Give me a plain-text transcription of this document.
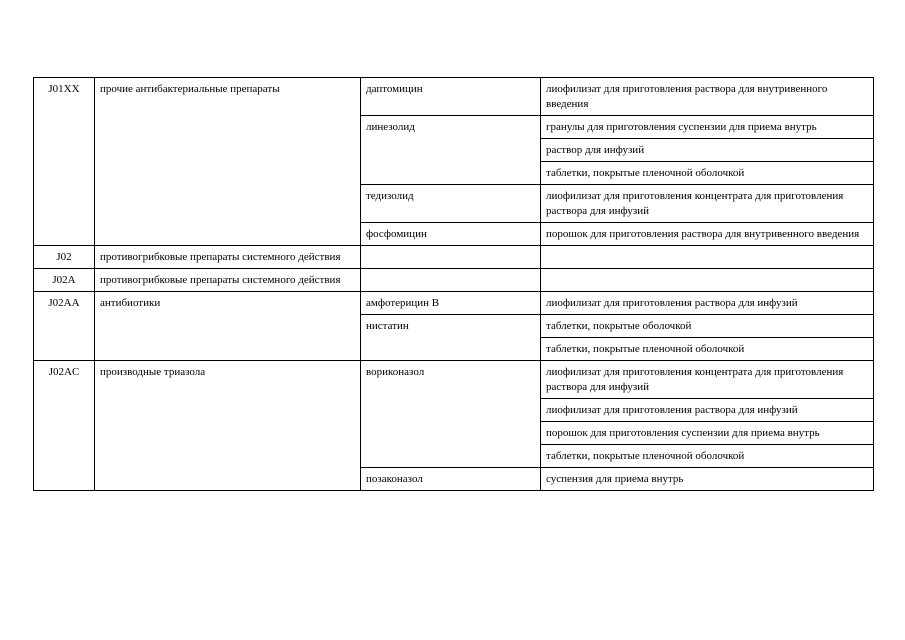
J01XX	прочие антибактериальные препараты	даптомицин	лиофилизат для приготовления раствора для внутривенного введения
		линезолид	гранулы для приготовления суспензии для приема внутрь
			раствор для инфузий
			таблетки, покрытые пленочной оболочкой
		тедизолид	лиофилизат для приготовления концентрата для приготовления раствора для инфузий
		фосфомицин	порошок для приготовления раствора для внутривенного введения
J02	противогрибковые препараты системного действия		
J02A	противогрибковые препараты системного действия		
J02AA	антибиотики	амфотерицин B	лиофилизат для приготовления раствора для инфузий
		нистатин	таблетки, покрытые оболочкой
			таблетки, покрытые пленочной оболочкой
J02AC	производные триазола	вориконазол	лиофилизат для приготовления концентрата для приготовления раствора для инфузий
			лиофилизат для приготовления раствора для инфузий
			порошок для приготовления суспензии для приема внутрь
			таблетки, покрытые пленочной оболочкой
		позаконазол	суспензия для приема внутрь
